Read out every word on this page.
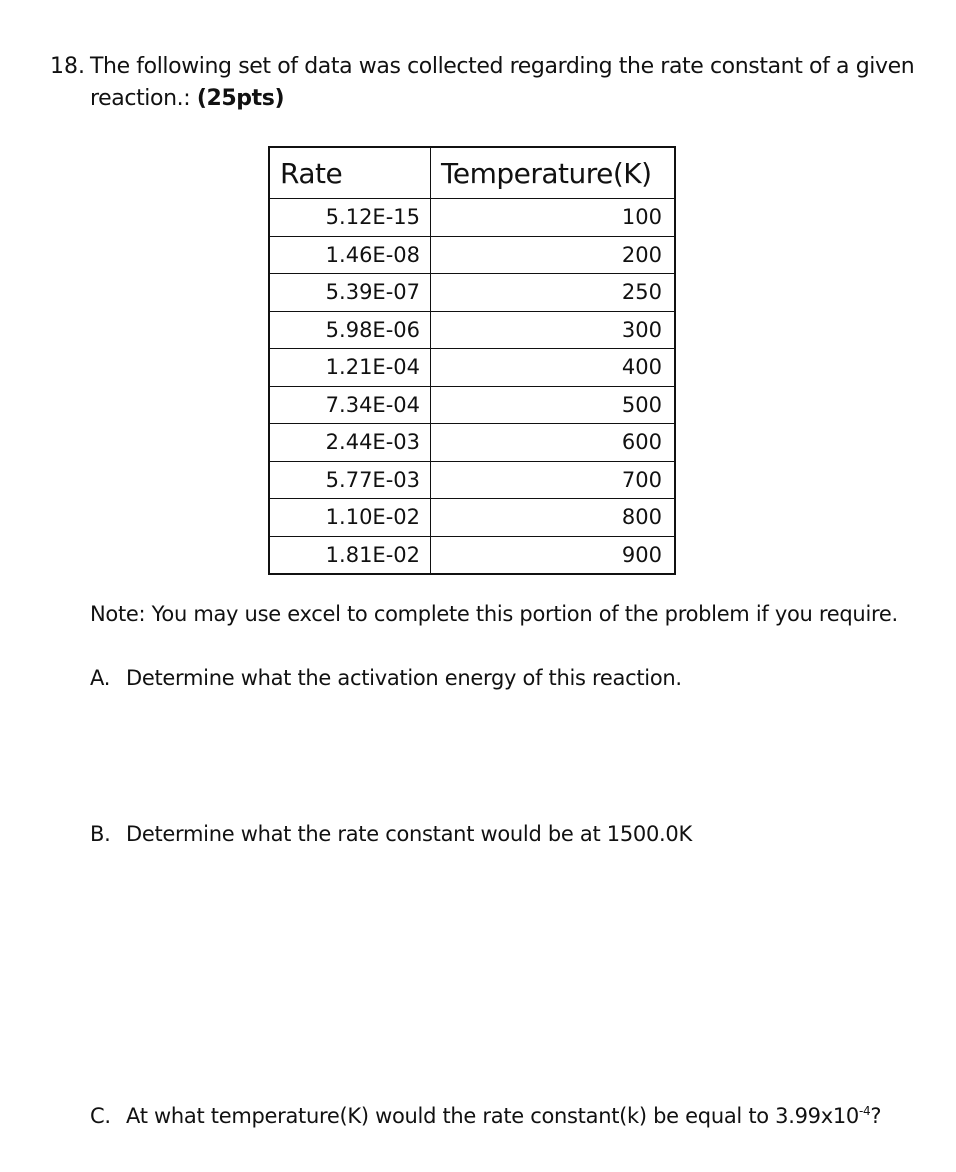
18. The following set of data was collected regarding the rate constant of a given
reaction.: (25pts)
Rate	Temperature(K)
5.12E-15	100
1.46E-08	200
5.39E-07	250
5.98E-06	300
1.21E-04	400
7.34E-04	500
2.44E-03	600
5.77E-03	700
1.10E-02	800
1.81E-02	900
Note: You may use excel to complete this portion of the problem if you require.
A. Determine what the activation energy of this reaction.
B. Determine what the rate constant would be at 1500.0K
C. At what temperature(K) would the rate constant(k) be equal to $3.99x10^{-4}$?
